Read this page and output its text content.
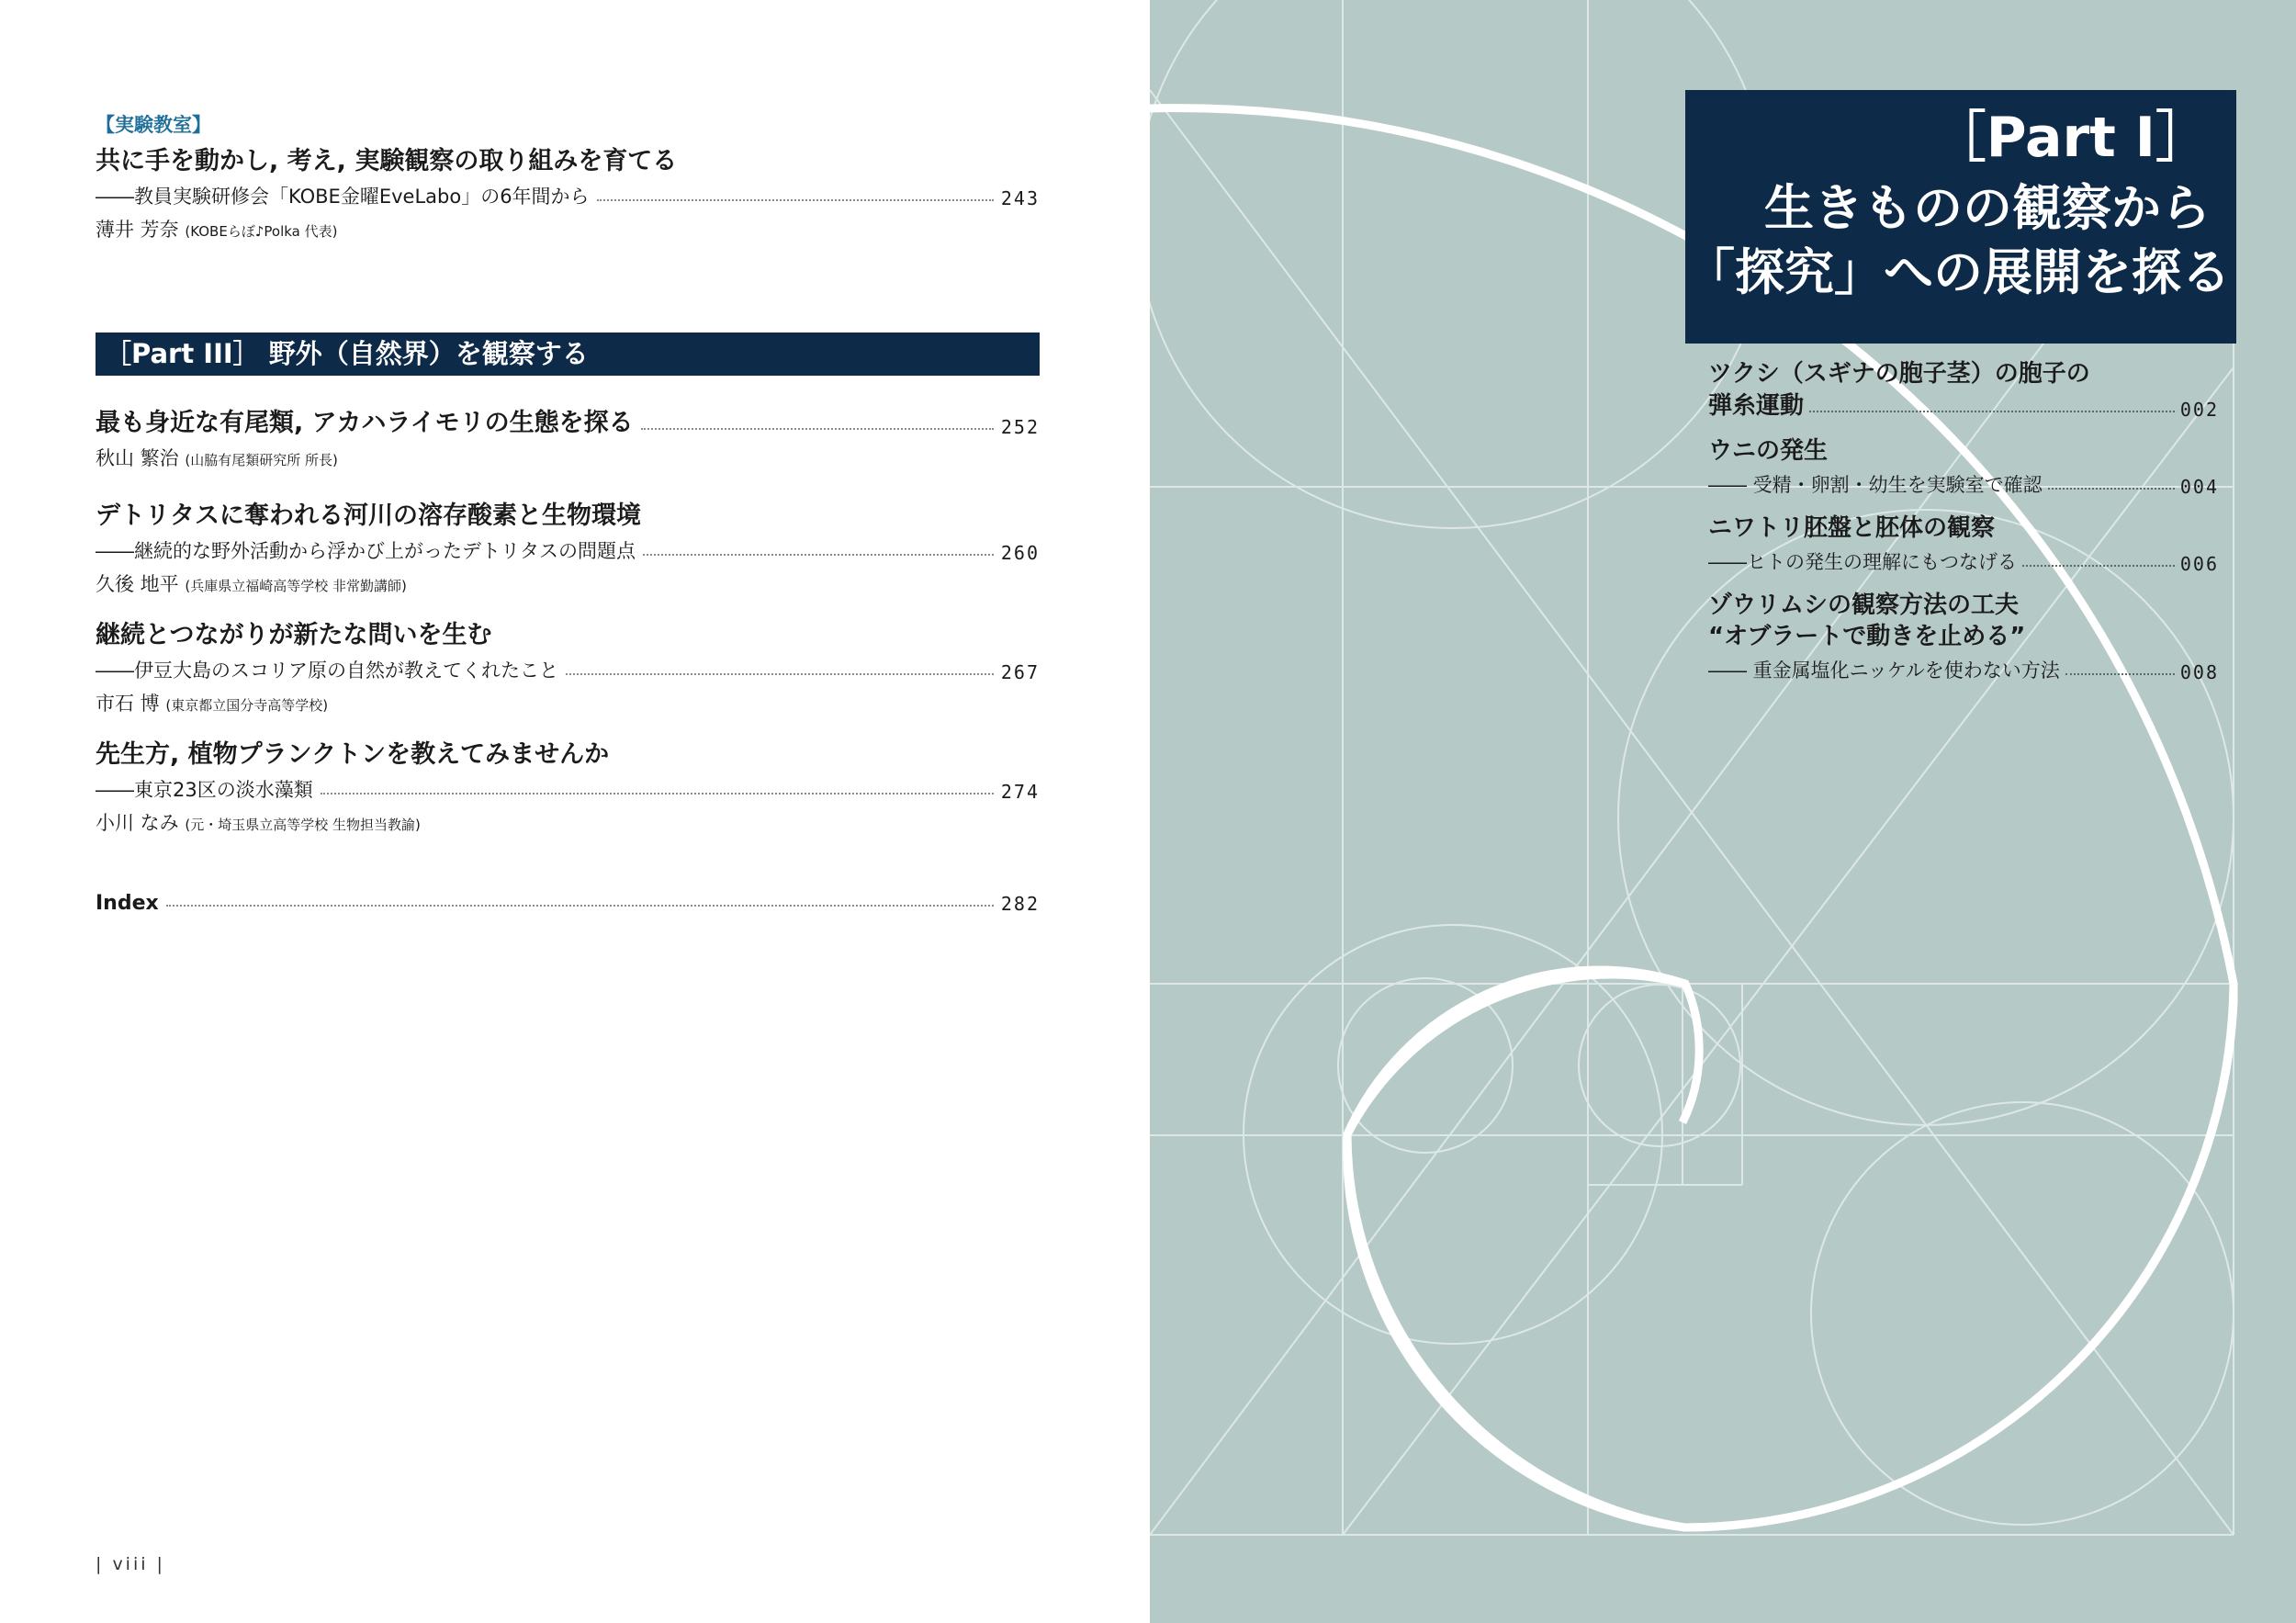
【実験教室】
共に手を動かし, 考え, 実験観察の取り組みを育てる
――教員実験研修会「KOBE金曜EveLabo」の6年間から	243
薄井 芳奈 (KOBEらぼ♪Polka 代表)
［Part III］ 野外（自然界）を観察する
最も身近な有尾類, アカハライモリの生態を探る	252
秋山 繁治 (山脇有尾類研究所 所長)
デトリタスに奪われる河川の溶存酸素と生物環境
――継続的な野外活動から浮かび上がったデトリタスの問題点	260
久後 地平 (兵庫県立福崎高等学校 非常勤講師)
継続とつながりが新たな問いを生む
――伊豆大島のスコリア原の自然が教えてくれたこと	267
市石 博 (東京都立国分寺高等学校)
先生方, 植物プランクトンを教えてみませんか
――東京23区の淡水藻類	274
小川 なみ (元・埼玉県立高等学校 生物担当教諭)
Index	282
| viii |
［Part I］
生きものの観察から
「探究」への展開を探る
ツクシ（スギナの胞子茎）の胞子の
弾糸運動	002
ウニの発生
―― 受精・卵割・幼生を実験室で確認	004
ニワトリ胚盤と胚体の観察
――ヒトの発生の理解にもつなげる	006
ゾウリムシの観察方法の工夫
“オブラートで動きを止める”
―― 重金属塩化ニッケルを使わない方法	008
